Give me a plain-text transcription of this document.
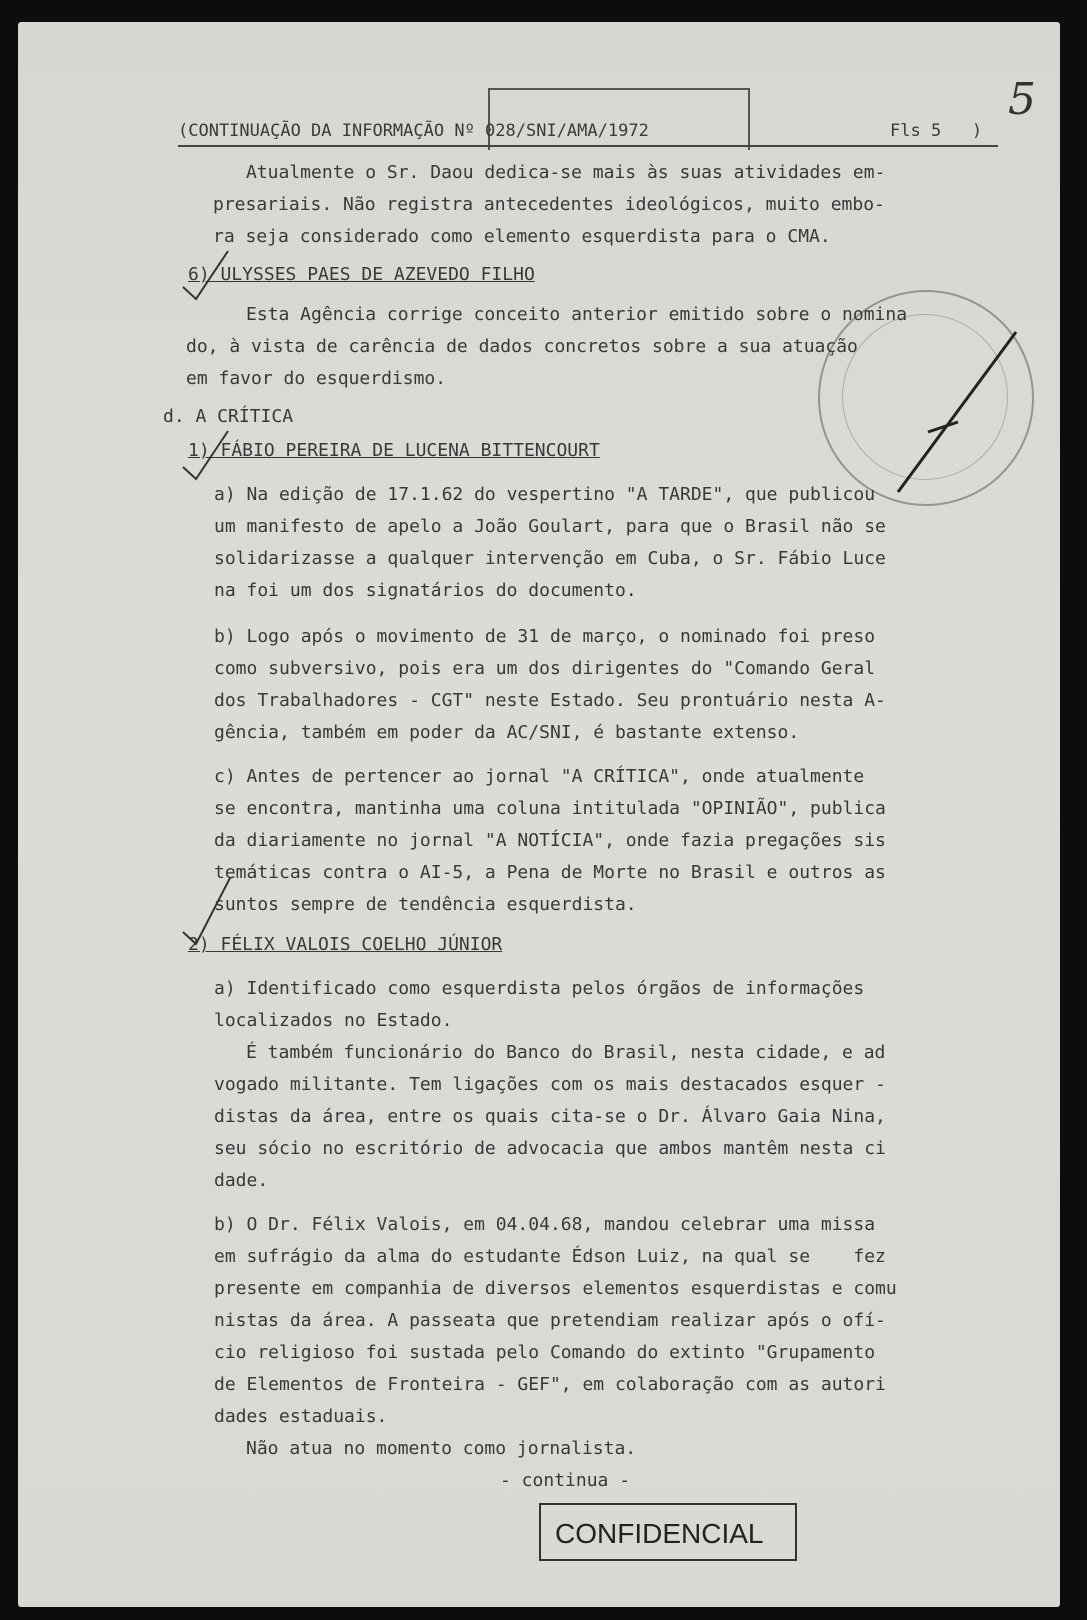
(CONTINUAÇÃO DA INFORMAÇÃO Nº 028/SNI/AMA/1972	Fls 5   )
5
Atualmente o Sr. Daou dedica-se mais às suas atividades em-
presariais. Não registra antecedentes ideológicos, muito embo-
ra seja considerado como elemento esquerdista para o CMA.
6) ULYSSES PAES DE AZEVEDO FILHO
Esta Agência corrige conceito anterior emitido sobre o nomina
do, à vista de carência de dados concretos sobre a sua atuação
em favor do esquerdismo.
d. A CRÍTICA
1) FÁBIO PEREIRA DE LUCENA BITTENCOURT
a) Na edição de 17.1.62 do vespertino "A TARDE", que publicou
um manifesto de apelo a João Goulart, para que o Brasil não se
solidarizasse a qualquer intervenção em Cuba, o Sr. Fábio Luce
na foi um dos signatários do documento.
b) Logo após o movimento de 31 de março, o nominado foi preso
como subversivo, pois era um dos dirigentes do "Comando Geral
dos Trabalhadores - CGT" neste Estado. Seu prontuário nesta A-
gência, também em poder da AC/SNI, é bastante extenso.
c) Antes de pertencer ao jornal "A CRÍTICA", onde atualmente
se encontra, mantinha uma coluna intitulada "OPINIÃO", publica
da diariamente no jornal "A NOTÍCIA", onde fazia pregações sis
temáticas contra o AI-5, a Pena de Morte no Brasil e outros as
suntos sempre de tendência esquerdista.
2) FÉLIX VALOIS COELHO JÚNIOR
a) Identificado como esquerdista pelos órgãos de informações
localizados no Estado.
É também funcionário do Banco do Brasil, nesta cidade, e ad
vogado militante. Tem ligações com os mais destacados esquer -
distas da área, entre os quais cita-se o Dr. Álvaro Gaia Nina,
seu sócio no escritório de advocacia que ambos mantêm nesta ci
dade.
b) O Dr. Félix Valois, em 04.04.68, mandou celebrar uma missa
em sufrágio da alma do estudante Édson Luiz, na qual se    fez
presente em companhia de diversos elementos esquerdistas e comu
nistas da área. A passeata que pretendiam realizar após o ofí-
cio religioso foi sustada pelo Comando do extinto "Grupamento
de Elementos de Fronteira - GEF", em colaboração com as autori
dades estaduais.
Não atua no momento como jornalista.
- continua -
CONFIDENCIAL
